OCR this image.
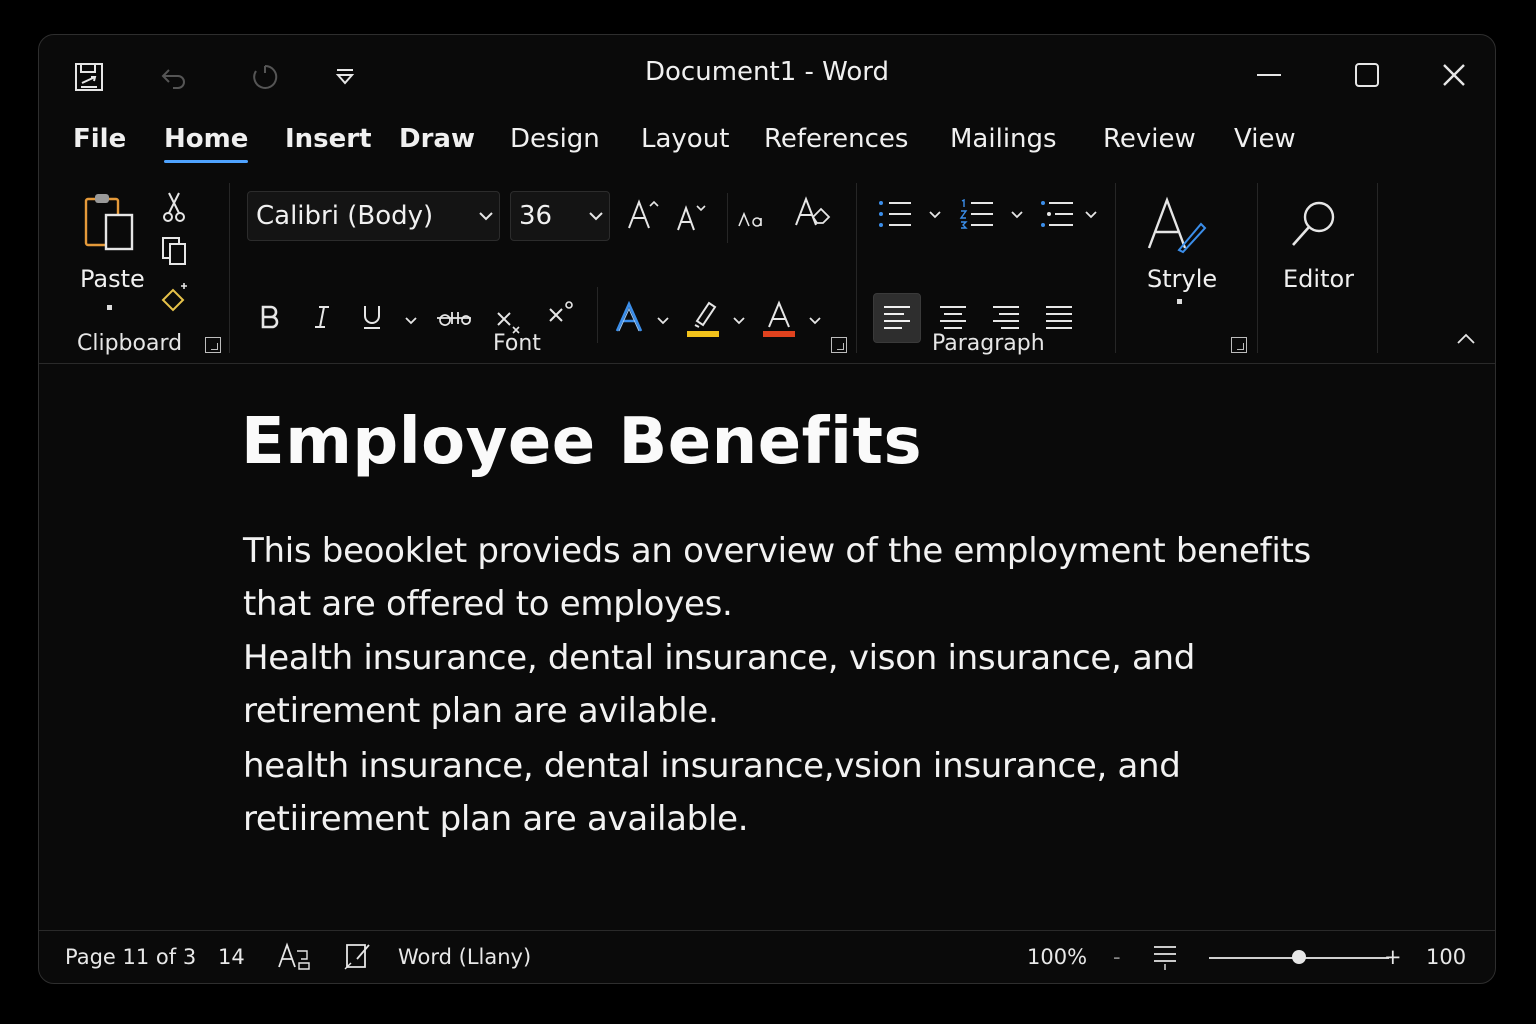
Document1 - Word
File Home Insert Draw Design Layout References Mailings Review View
Paste
Clipboard
Calibri (Body)	36
Font	Paragraph
Stryle	Editor
Employee Benefits
This beooklet provieds an overview of the employment benefits
that are offered to employes.
Health insurance, dental insurance, vison insurance, and
retirement plan are avilable.
health insurance, dental insurance,vsion insurance, and
retiirement plan are available.
Page 11 of 3 14	Word (Llany)	100% -	+ 100
